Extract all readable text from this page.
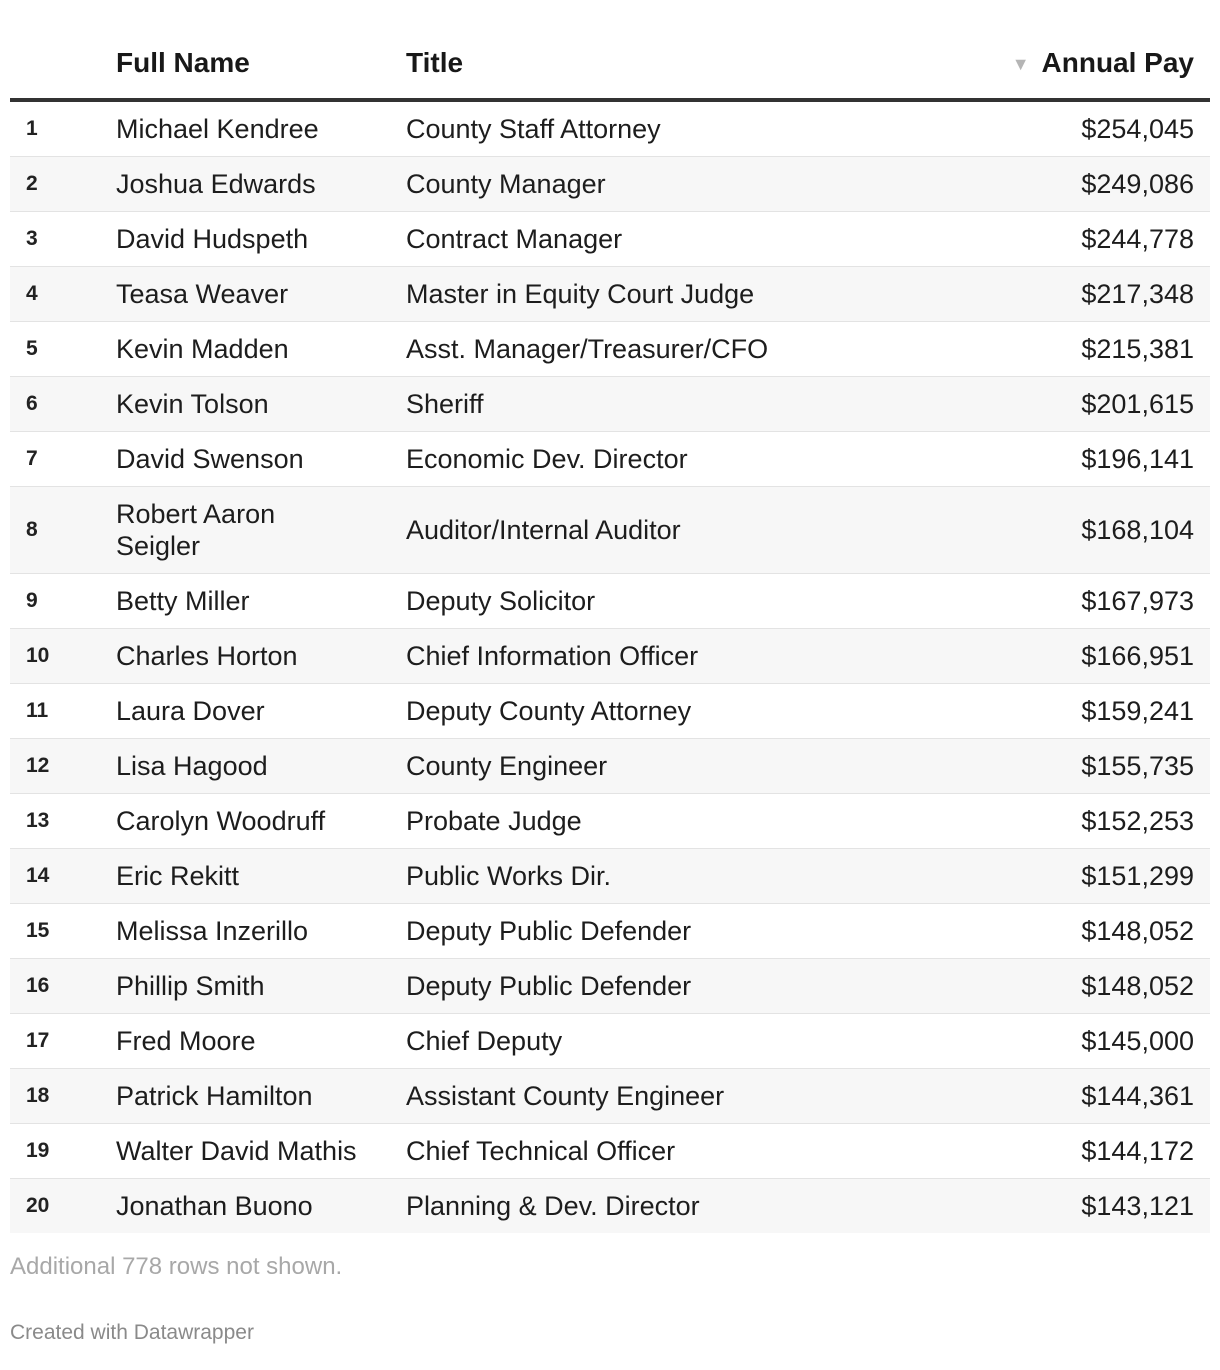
	Full Name	Title	▼ Annual Pay
1	Michael Kendree	County Staff Attorney	$254,045
2	Joshua Edwards	County Manager	$249,086
3	David Hudspeth	Contract Manager	$244,778
4	Teasa Weaver	Master in Equity Court Judge	$217,348
5	Kevin Madden	Asst. Manager/Treasurer/CFO	$215,381
6	Kevin Tolson	Sheriff	$201,615
7	David Swenson	Economic Dev. Director	$196,141
8	Robert Aaron Seigler	Auditor/Internal Auditor	$168,104
9	Betty Miller	Deputy Solicitor	$167,973
10	Charles Horton	Chief Information Officer	$166,951
11	Laura Dover	Deputy County Attorney	$159,241
12	Lisa Hagood	County Engineer	$155,735
13	Carolyn Woodruff	Probate Judge	$152,253
14	Eric Rekitt	Public Works Dir.	$151,299
15	Melissa Inzerillo	Deputy Public Defender	$148,052
16	Phillip Smith	Deputy Public Defender	$148,052
17	Fred Moore	Chief Deputy	$145,000
18	Patrick Hamilton	Assistant County Engineer	$144,361
19	Walter David Mathis	Chief Technical Officer	$144,172
20	Jonathan Buono	Planning & Dev. Director	$143,121
Additional 778 rows not shown.
Created with Datawrapper
